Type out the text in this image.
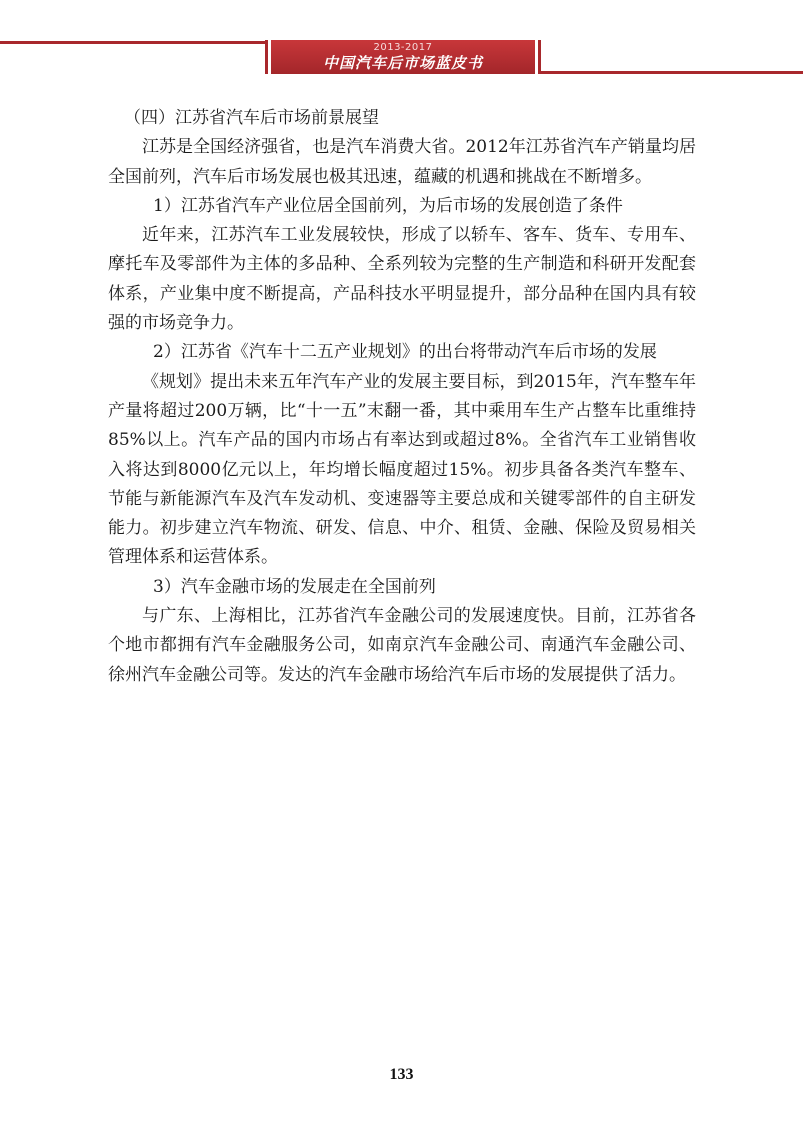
2013-2017
中国汽车后市场蓝皮书

（四）江苏省汽车后市场前景展望

江苏是全国经济强省，也是汽车消费大省。2012年江苏省汽车产销量均居全国前列，汽车后市场发展也极其迅速，蕴藏的机遇和挑战在不断增多。

1）江苏省汽车产业位居全国前列，为后市场的发展创造了条件

近年来，江苏汽车工业发展较快，形成了以轿车、客车、货车、专用车、摩托车及零部件为主体的多品种、全系列较为完整的生产制造和科研开发配套体系，产业集中度不断提高，产品科技水平明显提升，部分品种在国内具有较强的市场竞争力。

2）江苏省《汽车十二五产业规划》的出台将带动汽车后市场的发展

《规划》提出未来五年汽车产业的发展主要目标，到2015年，汽车整车年产量将超过200万辆，比“十一五”末翻一番，其中乘用车生产占整车比重维持85%以上。汽车产品的国内市场占有率达到或超过8%。全省汽车工业销售收入将达到8000亿元以上，年均增长幅度超过15%。初步具备各类汽车整车、节能与新能源汽车及汽车发动机、变速器等主要总成和关键零部件的自主研发能力。初步建立汽车物流、研发、信息、中介、租赁、金融、保险及贸易相关管理体系和运营体系。

3）汽车金融市场的发展走在全国前列

与广东、上海相比，江苏省汽车金融公司的发展速度快。目前，江苏省各个地市都拥有汽车金融服务公司，如南京汽车金融公司、南通汽车金融公司、徐州汽车金融公司等。发达的汽车金融市场给汽车后市场的发展提供了活力。

133
